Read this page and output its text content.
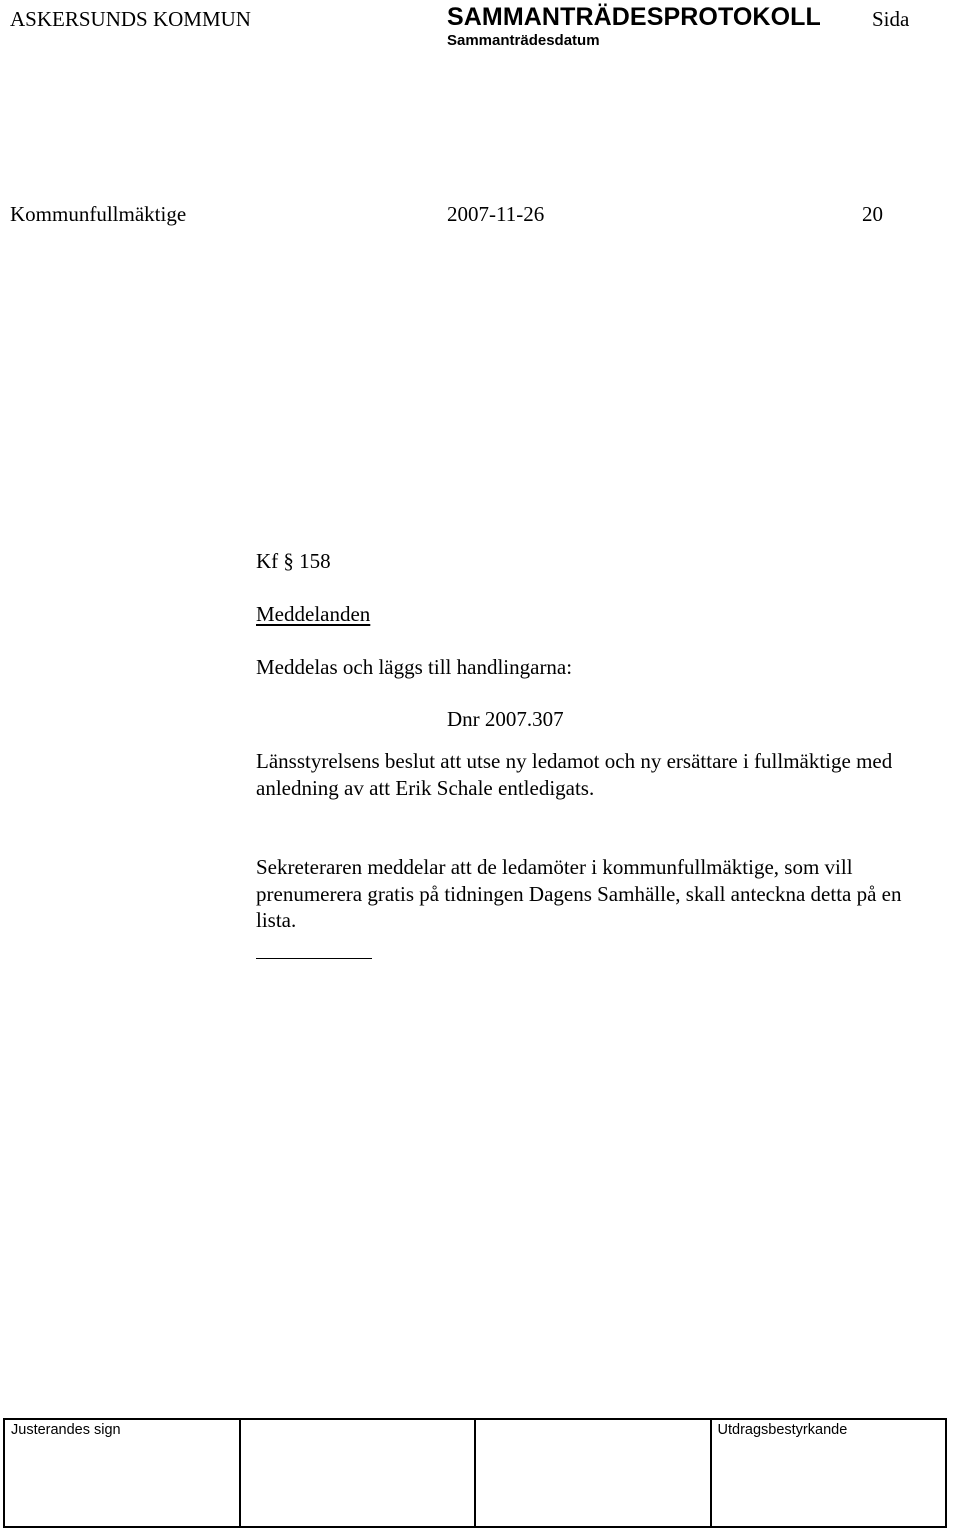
ASKERSUNDS KOMMUN	SAMMANTRÄDESPROTOKOLL Sida
Sammanträdesdatum
Kommunfullmäktige	2007-11-26	20
Kf § 158
Meddelanden
Meddelas och läggs till handlingarna:
Dnr 2007.307
Länsstyrelsens beslut att utse ny ledamot och ny ersättare i fullmäktige med anledning av att Erik Schale entledigats.
Sekreteraren meddelar att de ledamöter i kommunfullmäktige, som vill prenumerera gratis på tidningen Dagens Samhälle, skall anteckna detta på en lista.
Justerandes sign			Utdragsbestyrkande
